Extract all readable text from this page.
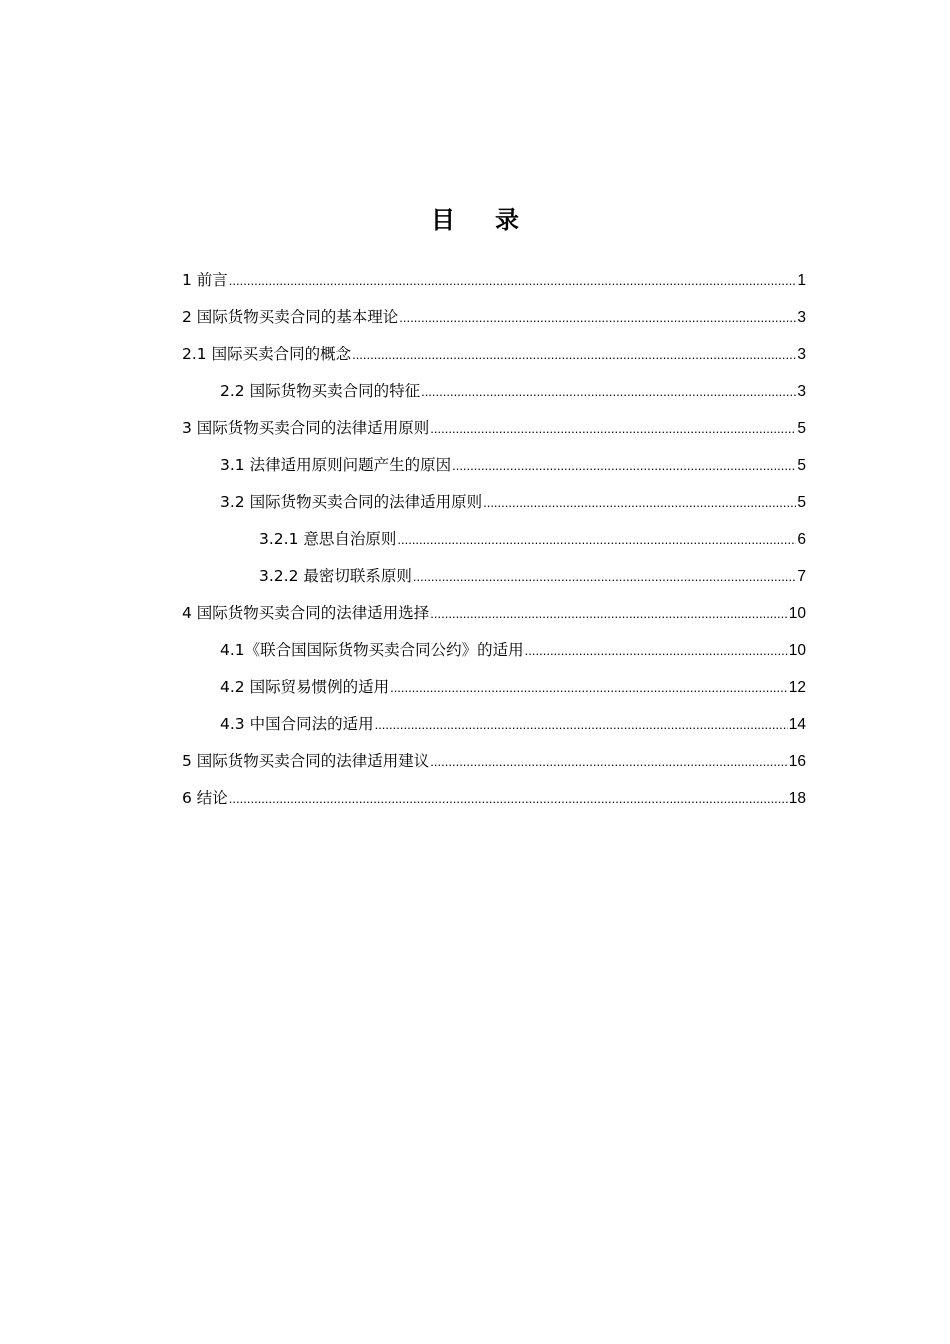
目录
1 前言 .....	1
2 国际货物买卖合同的基本理论 .....	3
2.1 国际买卖合同的概念 .....	3
2.2 国际货物买卖合同的特征 .....	3
3 国际货物买卖合同的法律适用原则 .....	5
3.1 法律适用原则问题产生的原因 .....	5
3.2 国际货物买卖合同的法律适用原则 .....	5
3.2.1 意思自治原则 .....	6
3.2.2 最密切联系原则 .....	7
4 国际货物买卖合同的法律适用选择 .....	10
4.1《联合国国际货物买卖合同公约》的适用 .....	10
4.2 国际贸易惯例的适用 .....	12
4.3 中国合同法的适用 .....	14
5 国际货物买卖合同的法律适用建议 .....	16
6 结论 .....	18
